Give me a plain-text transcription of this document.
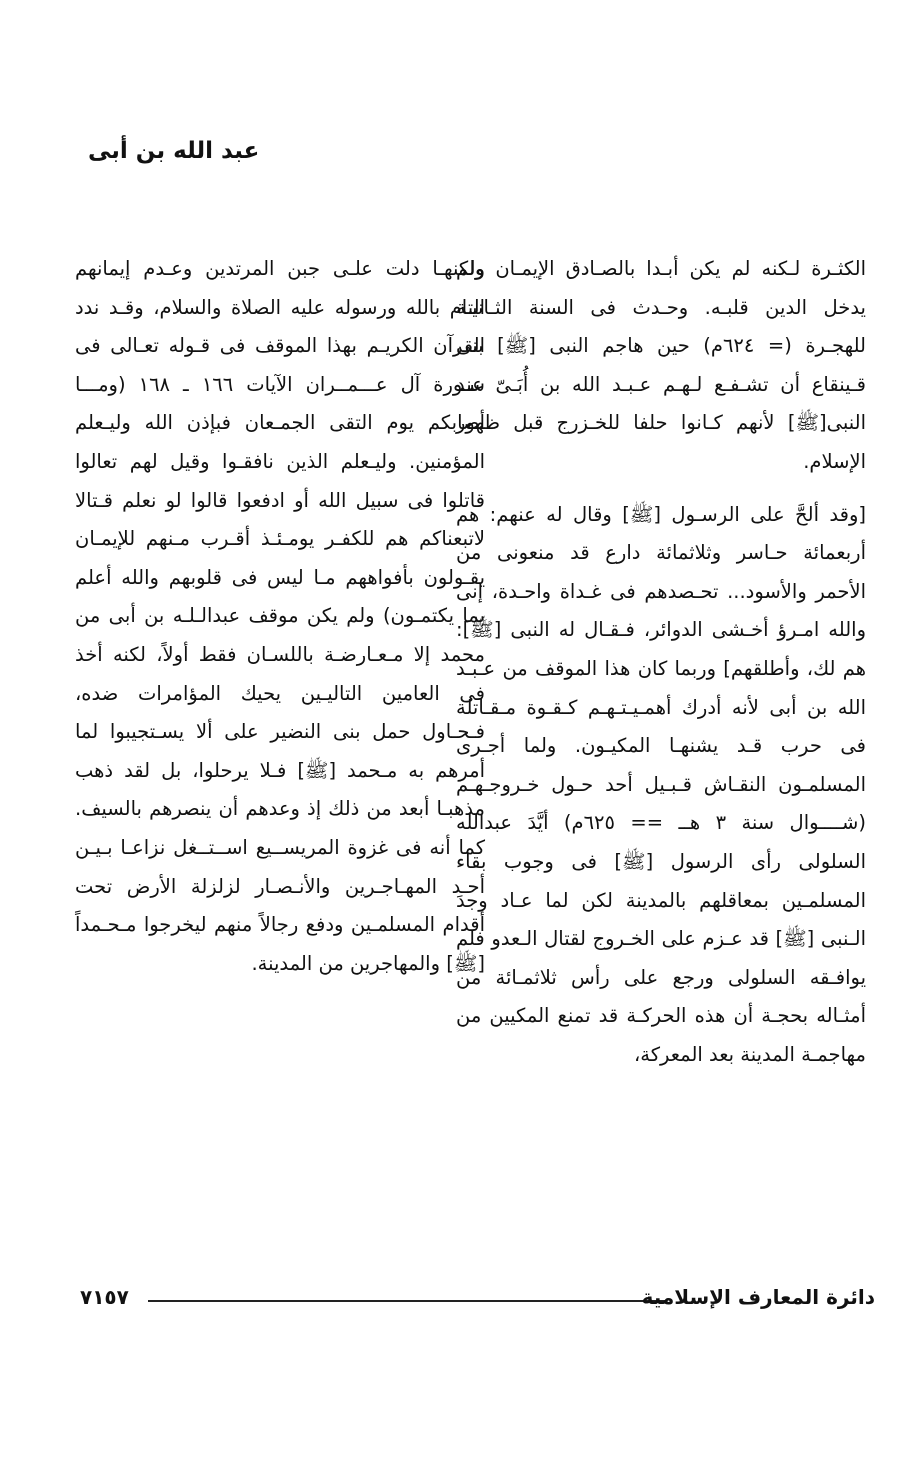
عبد الله بن أبى

الكثـرة لـكنه لم يكن أبـدا بالصـادق الإيمـان ولم يدخل الدين قلبـه. وحـدث فى السنة الثـانيـة للهجـرة (= ٦٢٤م) حين هاجم النبى [ﷺ] بنى قـينقاع أن تشـفـع لـهـم عـبـد الله بن أُبَـىّ عند النبى[ﷺ] لأنهم كـانوا حلفا للخـزرج قبل ظهور الإسلام.

[وقد ألحَّ على الرسـول [ﷺ] وقال له عنهم: هم أربعمائة حـاسر وثلاثمائة دارع قد منعونى من الأحمر والأسود... تحـصدهم فى غـداة واحـدة، إنى والله امـرؤ أخـشى الدوائر، فـقـال له النبى [ﷺ]: هم لك، وأطلقهم] وربما كان هذا الموقف من عـبـد الله بن أبى لأنه أدرك أهمـيـتـهـم كـقـوة مـقـاتلة فى حرب قـد يشنهـا المكيـون. ولما أجـرى المسلمـون النقـاش قـبـيل أحد حـول خـروجـهـم (شــــوال سنة ٣ هــ == ٦٢٥م) أيَّدَ عبدالله السلولى رأى الرسول [ﷺ] فى وجوب بقاء المسلمـين بمعاقلهم بالمدينة لكن لما عـاد وجدَ الـنبى [ﷺ] قد عـزم على الخـروج لقتال الـعدو فلم يوافـقه السلولى ورجع على رأس ثلاثمـائة من أمثـاله بحجـة أن هذه الحركـة قد تمنع المكيين من مهاجمـة المدينة بعد المعركة،

ولكنهـا دلت علـى جبن المرتدين وعـدم إيمانهم التام بالله ورسوله عليه الصلاة والسلام، وقـد ندد القرآن الكريـم بهذا الموقف فى قـوله تعـالى فى سـورة آل عـــمــران الآيات ١٦٦ ـ ١٦٨ (ومـــا أصابكم يوم التقى الجمـعان فبإذن الله وليـعلم المؤمنين. وليـعلم الذين نافقـوا وقيل لهم تعالوا قاتلوا فى سبيل الله أو ادفعوا قالوا لو نعلم قـتالا لاتبعناكم هم للكفـر يومـئـذ أقـرب مـنهم للإيمـان يقـولون بأفواههم مـا ليس فى قلوبهم والله أعلم بما يكتمـون) ولم يكن موقف عبدالـلـه بن أبى من محمد إلا مـعـارضـة باللسـان فقط أولاً، لكنه أخذ فى العامين التاليـين يحيك المؤامرات ضده، فـحـاول حمل بنى النضير على ألا يسـتجيبوا لما أمرهم به مـحمد [ﷺ] فـلا يرحلوا، بل لقد ذهب مذهبـا أبعد من ذلك إذ وعدهم أن ينصرهم بالسيف. كما أنه فى غزوة المريســيع اســتــغل نزاعـا بـيـن أحـد المهـاجـرين والأنـصـار لزلزلة الأرض تحت أقدام المسلمـين ودفع رجالاً منهم ليخرجوا مـحـمداً [ﷺ] والمهاجرين من المدينة.

٧١٥٧	دائرة المعارف الإسلامية
